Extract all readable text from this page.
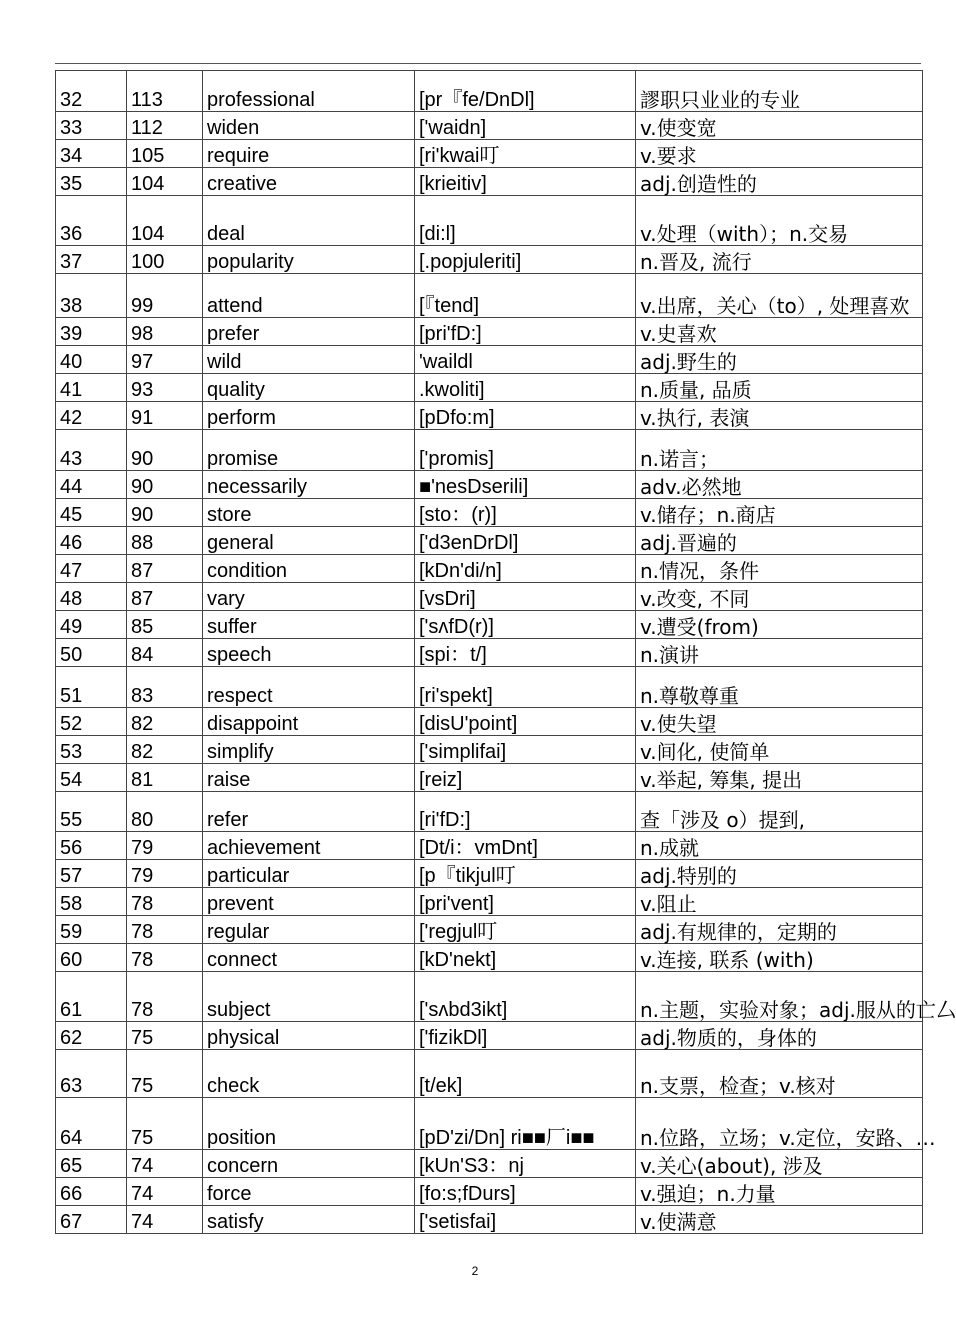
32	113	professional	[pr『fe/DnDl]	謬职只业业的专业
33	112	widen	['waidn]	v.使变宽
34	105	require	[ri'kwai叮	v.要求
35	104	creative	[krieitiv]	adj.创造性的
36	104	deal	[di:l]	v.处理（with）；n.交易
37	100	popularity	[.popjuleriti]	n.晋及, 流行
38	99	attend	[『tend]	v.出席，关心（to）, 处理喜欢
39	98	prefer	[pri'fD:]	v.史喜欢
40	97	wild	'waildl	adj.野生的
41	93	quality	.kwoliti]	n.质量, 品质
42	91	perform	[pDfo:m]	v.执行, 表演
43	90	promise	['promis]	n.诺言；
44	90	necessarily	■'nesDserili]	adv.必然地
45	90	store	[sto：(r)]	v.储存；n.商店
46	88	general	['d3enDrDl]	adj.晋遍的
47	87	condition	[kDn'di/n]	n.情况，条件
48	87	vary	[vsDri]	v.改变, 不同
49	85	suffer	['sʌfD(r)]	v.遭受(from)
50	84	speech	[spi：t/]	n.演讲
51	83	respect	[ri'spekt]	n.尊敬尊重
52	82	disappoint	[disU'point]	v.使失望
53	82	simplify	['simplifai]	v.间化, 使简单
54	81	raise	[reiz]	v.举起, 筹集, 提出
55	80	refer	[ri'fD:]	查「涉及 o）提到,
56	79	achievement	[Dt/i：vmDnt]	n.成就
57	79	particular	[p『tikjul叮	adj.特别的
58	78	prevent	[pri'vent]	v.阻止
59	78	regular	['regjul叮	adj.有规律的，定期的
60	78	connect	[kD'nekt]	v.连接, 联系 (with)
61	78	subject	['sʌbd3ikt]	n.主题，实验对象；adj.服从的亡厶
62	75	physical	['fizikDl]	adj.物质的，身体的
63	75	check	[t/ek]	n.支票，检查；v.核对
64	75	position	[pD'zi/Dn] ri■■厂i■■	n.位路，立场；v.定位，安路、…
65	74	concern	[kUn'S3：nj	v.关心(about), 涉及
66	74	force	[fo:s;fDurs]	v.强迫；n.力量
67	74	satisfy	['setisfai]	v.使满意
2
